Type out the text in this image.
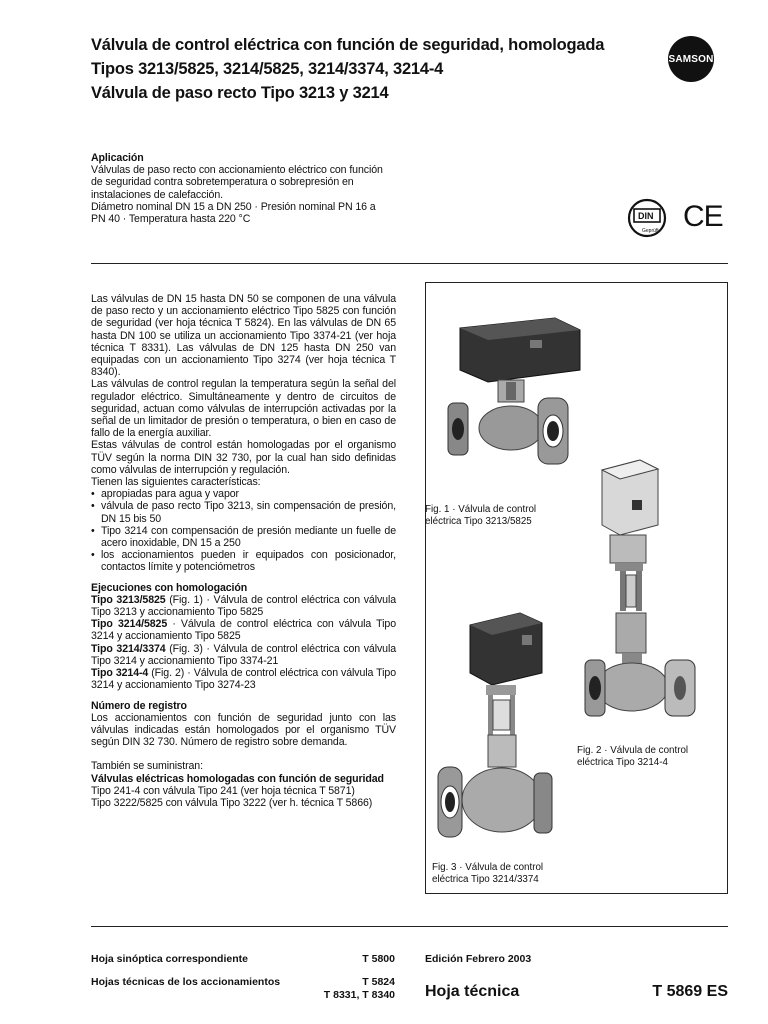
Válvula de control eléctrica con función de seguridad, homologada
Tipos 3213/5825, 3214/5825, 3214/3374, 3214-4
Válvula de paso recto Tipo 3213 y 3214
SAMSON
Aplicación
Válvulas de paso recto con accionamiento eléctrico con función
de seguridad contra sobretemperatura o sobrepresión en
instalaciones de calefacción.
Diámetro nominal DN 15 a DN 250 · Presión nominal PN 16 a
PN 40 · Temperatura hasta 220 °C	DIN
Geprüft CE

Las válvulas de DN 15 hasta DN 50 se componen de una válvula de paso recto y un accionamiento eléctrico Tipo 5825 con función de seguridad (ver hoja técnica T 5824). En las válvulas de DN 65 hasta DN 100 se utiliza un accionamiento Tipo 3374-21 (ver hoja técnica T 8331). Las válvulas de DN 125 hasta DN 250 van equipadas con un accionamiento Tipo 3274 (ver hoja técnica T 8340).

Las válvulas de control regulan la temperatura según la señal del regulador eléctrico. Simultáneamente y dentro de circuitos de seguridad, actuan como válvulas de interrupción activadas por la señal de un limitador de presión o temperatura, o bien en caso de fallo de la energía auxiliar.

Estas válvulas de control están homologadas por el organismo TÜV según la norma DIN 32 730, por la cual han sido definidas como válvulas de interrupción y regulación.

Tienen las siguientes características:

• apropiadas para agua y vapor
• válvula de paso recto Tipo 3213, sin compensación de presión, DN 15 bis 50
• Tipo 3214 con compensación de presión mediante un fuelle de acero inoxidable, DN 15 a 250
• los accionamientos pueden ir equipados con posicionador, contactos límite y potenciómetros
Ejecuciones con homologación

Tipo 3213/5825 (Fig. 1) · Válvula de control eléctrica con válvula Tipo 3213 y accionamiento Tipo 5825

Tipo 3214/5825 · Válvula de control eléctrica con válvula Tipo 3214 y accionamiento Tipo 5825

Tipo 3214/3374 (Fig. 3) · Válvula de control eléctrica con válvula Tipo 3214 y accionamiento Tipo 3374-21

Tipo 3214-4 (Fig. 2) · Válvula de control eléctrica con válvula Tipo 3214 y accionamiento Tipo 3274-23

Número de registro

Los accionamientos con función de seguridad junto con las válvulas indicadas están homologados por el organismo TÜV según DIN 32 730. Número de registro sobre demanda.

También se suministran:
Válvulas eléctricas homologadas con función de seguridad
Tipo 241-4 con válvula Tipo 241 (ver hoja técnica T 5871)
Tipo 3222/5825 con válvula Tipo 3222 (ver h. técnica T 5866)
Fig. 1 · Válvula de control
eléctrica Tipo 3213/5825
Fig. 2 · Válvula de control
eléctrica Tipo 3214-4
Fig. 3 · Válvula de control
eléctrica Tipo 3214/3374
Hoja sinóptica correspondiente	T 5800
Hojas técnicas de los accionamientos	T 5824
T 8331, T 8340
Edición Febrero 2003
Hoja técnica	T 5869 ES
